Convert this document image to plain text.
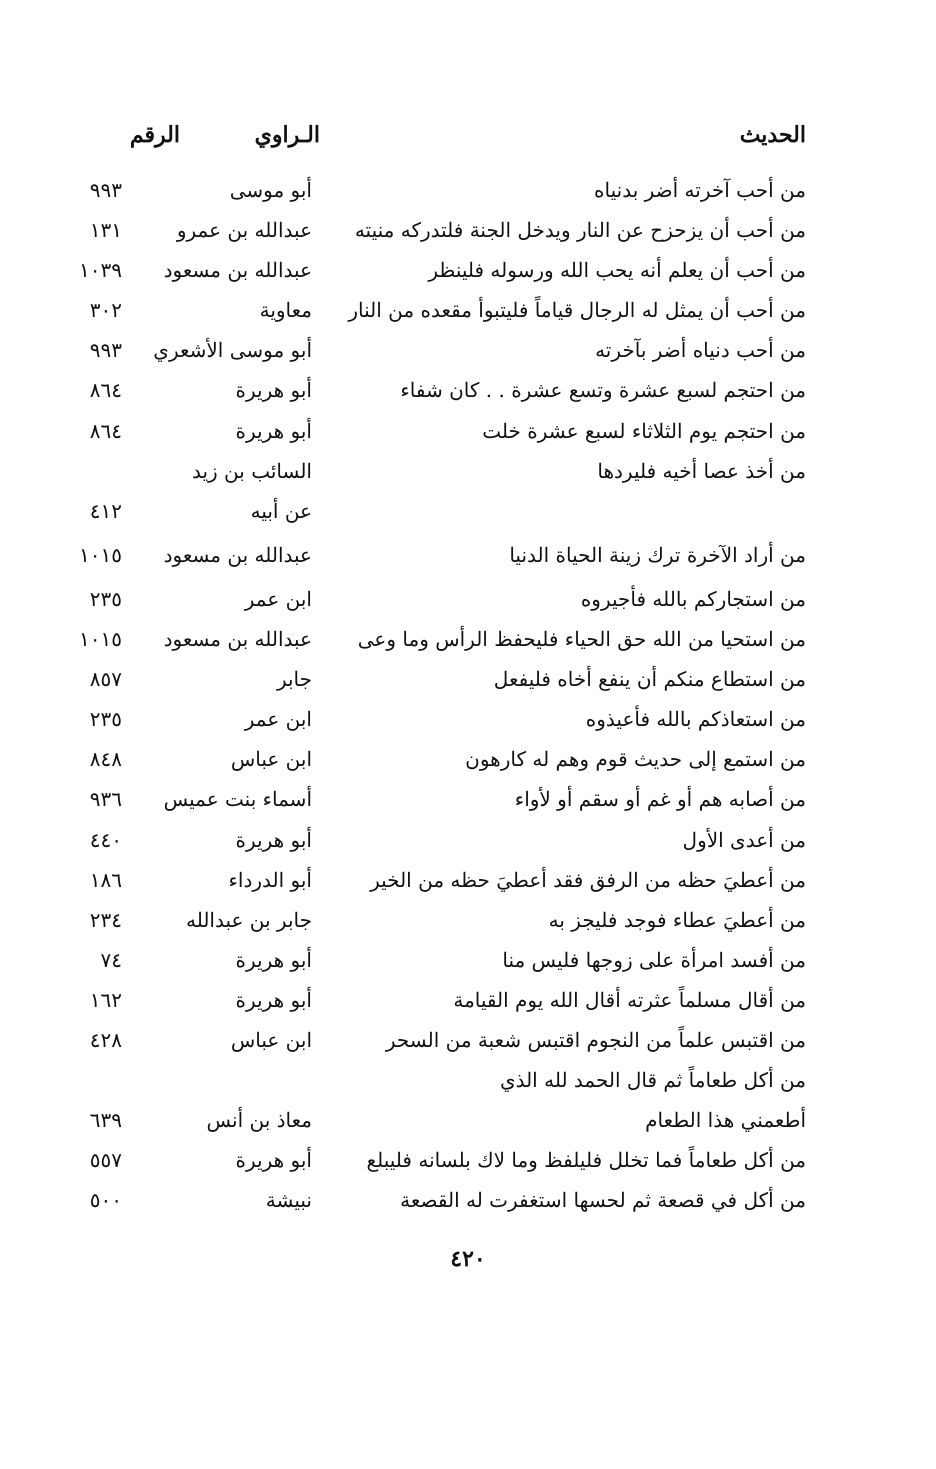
الحديث
الـراوي
الرقم
من أحب آخرته أضر بدنياه
أبو موسى
٩٩٣
من أحب أن يزحزح عن النار ويدخل الجنة فلتدركه منيته
عبدالله بن عمرو
١٣١
من أحب أن يعلم أنه يحب الله ورسوله فلينظر
عبدالله بن مسعود
١٠٣٩
من أحب أن يمثل له الرجال قياماً فليتبوأ مقعده من النار
معاوية
٣٠٢
من أحب دنياه أضر بآخرته
أبو موسى الأشعري
٩٩٣
من احتجم لسبع عشرة وتسع عشرة . . كان شفاء
أبو هريرة
٨٦٤
من احتجم يوم الثلاثاء لسبع عشرة خلت
أبو هريرة
٨٦٤
من أخذ عصا أخيه فليردها
السائب بن زيد
عن أبيه
٤١٢
من أراد الآخرة ترك زينة الحياة الدنيا
عبدالله بن مسعود
١٠١٥
من استجاركم بالله فأجيروه
ابن عمر
٢٣٥
من استحيا من الله حق الحياء فليحفظ الرأس وما وعى
عبدالله بن مسعود
١٠١٥
من استطاع منكم أن ينفع أخاه فليفعل
جابر
٨٥٧
من استعاذكم بالله فأعيذوه
ابن عمر
٢٣٥
من استمع إلى حديث قوم وهم له كارهون
ابن عباس
٨٤٨
من أصابه هم أو غم أو سقم أو لأواء
أسماء بنت عميس
٩٣٦
من أعدى الأول
أبو هريرة
٤٤٠
من أعطيَ حظه من الرفق فقد أعطيَ حظه من الخير
أبو الدرداء
١٨٦
من أعطيَ عطاء فوجد فليجز به
جابر بن عبدالله
٢٣٤
من أفسد امرأة على زوجها فليس منا
أبو هريرة
٧٤
من أقال مسلماً عثرته أقال الله يوم القيامة
أبو هريرة
١٦٢
من اقتبس علماً من النجوم اقتبس شعبة من السحر
ابن عباس
٤٢٨
من أكل طعاماً ثم قال الحمد لله الذي
أطعمني هذا الطعام
معاذ بن أنس
٦٣٩
من أكل طعاماً فما تخلل فليلفظ وما لاك بلسانه فليبلع
أبو هريرة
٥٥٧
من أكل في قصعة ثم لحسها استغفرت له القصعة
نبيشة
٥٠٠
٤٢٠
